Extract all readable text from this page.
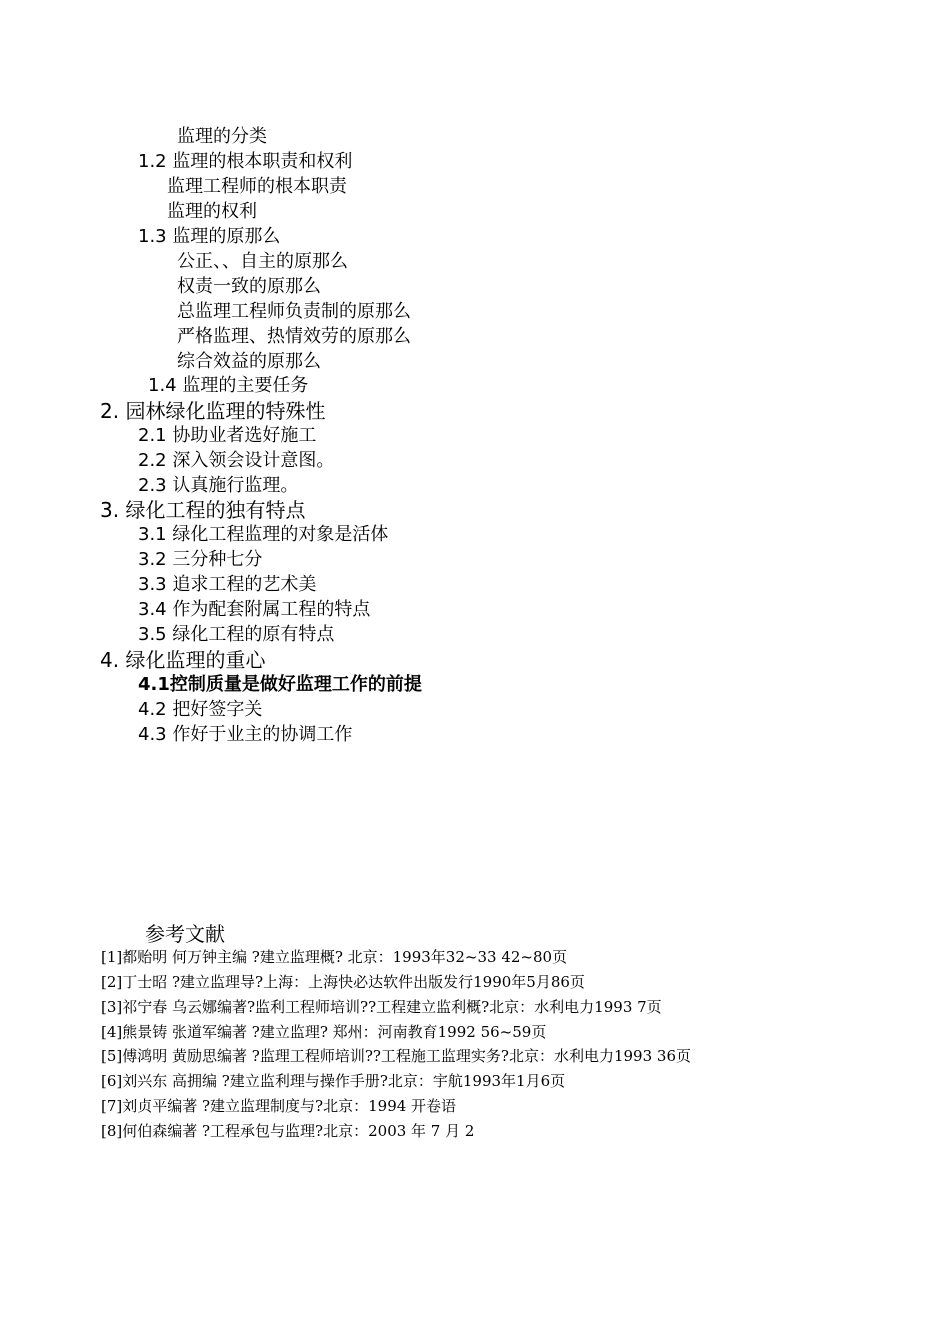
监理的分类
1.2 监理的根本职责和权利
监理工程师的根本职责
监理的权利
1.3 监理的原那么
公正、、自主的原那么
权责一致的原那么
总监理工程师负责制的原那么
严格监理、热情效劳的原那么
综合效益的原那么
1.4 监理的主要任务
2. 园林绿化监理的特殊性
2.1 协助业者选好施工
2.2 深入领会设计意图。
2.3 认真施行监理。
3. 绿化工程的独有特点
3.1 绿化工程监理的对象是活体
3.2 三分种七分
3.3 追求工程的艺术美
3.4 作为配套附属工程的特点
3.5 绿化工程的原有特点
4. 绿化监理的重心
4.1控制质量是做好监理工作的前提
4.2 把好签字关
4.3 作好于业主的协调工作
参考文献
[1]都贻明 何万钟主编 ?建立监理概? 北京：1993年32~33 42~80页
[2]丁士昭 ?建立监理导?上海：上海快必达软件出版发行1990年5月86页
[3]祁宁春 乌云娜编著?监利工程师培训??工程建立监利概?北京：水利电力1993 7页
[4]熊景铸 张道军编著 ?建立监理? 郑州：河南教育1992 56~59页
[5]傅鸿明 黄励思编著 ?监理工程师培训??工程施工监理实务?北京：水利电力1993 36页
[6]刘兴东 高拥编 ?建立监利理与操作手册?北京：宇航1993年1月6页
[7]刘贞平编著 ?建立监理制度与?北京：1994 开卷语
[8]何伯森编著 ?工程承包与监理?北京：2003 年 7 月 2
